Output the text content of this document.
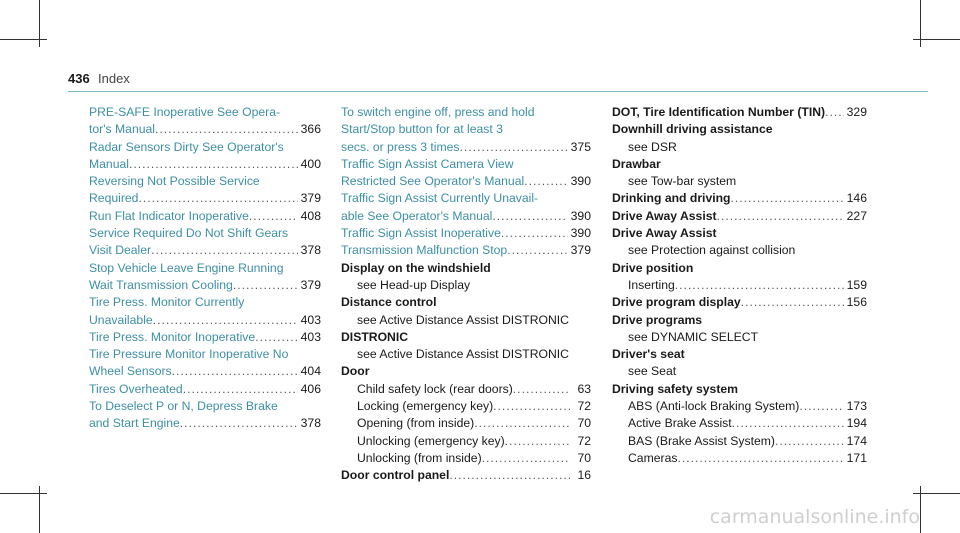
436 Index
PRE-SAFE Inoperative See Opera-
tor's Manual .....	366
Radar Sensors Dirty See Operator's
Manual .....	400
Reversing Not Possible Service
Required .....	379
Run Flat Indicator Inoperative .....	408
Service Required Do Not Shift Gears
Visit Dealer .....	378
Stop Vehicle Leave Engine Running
Wait Transmission Cooling .....	379
Tire Press. Monitor Currently
Unavailable .....	403
Tire Press. Monitor Inoperative .....	403
Tire Pressure Monitor Inoperative No
Wheel Sensors .....	404
Tires Overheated .....	406
To Deselect P or N, Depress Brake
and Start Engine .....	378
To switch engine off, press and hold
Start/Stop button for at least 3
secs. or press 3 times .....	375
Traffic Sign Assist Camera View
Restricted See Operator's Manual .....	390
Traffic Sign Assist Currently Unavail-
able See Operator's Manual .....	390
Traffic Sign Assist Inoperative .....	390
Transmission Malfunction Stop .....	379
Display on the windshield
see Head-up Display
Distance control
see Active Distance Assist DISTRONIC
DISTRONIC
see Active Distance Assist DISTRONIC
Door
Child safety lock (rear doors) .....	63
Locking (emergency key) .....	72
Opening (from inside) .....	70
Unlocking (emergency key) .....	72
Unlocking (from inside) .....	70
Door control panel .....	16
DOT, Tire Identification Number (TIN) ..... 329
Downhill driving assistance
see DSR
Drawbar
see Tow-bar system
Drinking and driving .....	146
Drive Away Assist .....	227
Drive Away Assist
see Protection against collision
Drive position
Inserting .....	159
Drive program display .....	156
Drive programs
see DYNAMIC SELECT
Driver's seat
see Seat
Driving safety system
ABS (Anti-lock Braking System) .....	173
Active Brake Assist .....	194
BAS (Brake Assist System) .....	174
Cameras .....	171
carmanualsonline.info
